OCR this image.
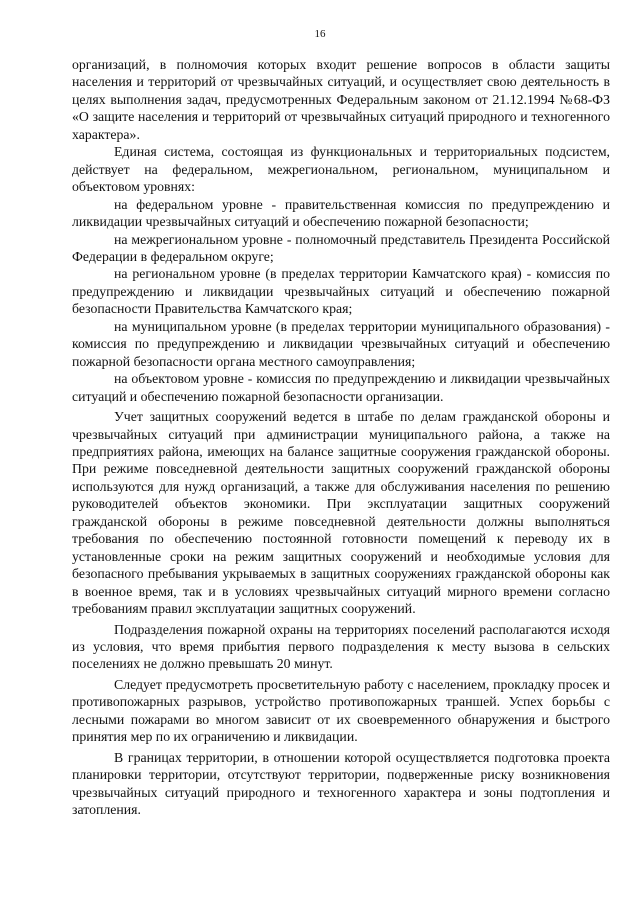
16

организаций, в полномочия которых входит решение вопросов в области защиты населения и территорий от чрезвычайных ситуаций, и осуществляет свою деятельность в целях выполнения задач, предусмотренных Федеральным законом от 21.12.1994 №68-ФЗ «О защите населения и территорий от чрезвычайных ситуаций природного и техногенного характера».

Единая система, состоящая из функциональных и территориальных подсистем, действует на федеральном, межрегиональном, региональном, муниципальном и объектовом уровнях:

на федеральном уровне - правительственная комиссия по предупреждению и ликвидации чрезвычайных ситуаций и обеспечению пожарной безопасности;

на межрегиональном уровне - полномочный представитель Президента Российской Федерации в федеральном округе;

на региональном уровне (в пределах территории Камчатского края) - комиссия по предупреждению и ликвидации чрезвычайных ситуаций и обеспечению пожарной безопасности Правительства Камчатского края;

на муниципальном уровне (в пределах территории муниципального образования) - комиссия по предупреждению и ликвидации чрезвычайных ситуаций и обеспечению пожарной безопасности органа местного самоуправления;

на объектовом уровне - комиссия по предупреждению и ликвидации чрезвычайных ситуаций и обеспечению пожарной безопасности организации.

Учет защитных сооружений ведется в штабе по делам гражданской обороны и чрезвычайных ситуаций при администрации муниципального района, а также на предприятиях района, имеющих на балансе защитные сооружения гражданской обороны. При режиме повседневной деятельности защитных сооружений гражданской обороны используются для нужд организаций, а также для обслуживания населения по решению руководителей объектов экономики. При эксплуатации защитных сооружений гражданской обороны в режиме повседневной деятельности должны выполняться требования по обеспечению постоянной готовности помещений к переводу их в установленные сроки на режим защитных сооружений и необходимые условия для безопасного пребывания укрываемых в защитных сооружениях гражданской обороны как в военное время, так и в условиях чрезвычайных ситуаций мирного времени согласно требованиям правил эксплуатации защитных сооружений.

Подразделения пожарной охраны на территориях поселений располагаются исходя из условия, что время прибытия первого подразделения к месту вызова в сельских поселениях не должно превышать 20 минут.

Следует предусмотреть просветительную работу с населением, прокладку просек и противопожарных разрывов, устройство противопожарных траншей. Успех борьбы с лесными пожарами во многом зависит от их своевременного обнаружения и быстрого принятия мер по их ограничению и ликвидации.

В границах территории, в отношении которой осуществляется подготовка проекта планировки территории, отсутствуют территории, подверженные риску возникновения чрезвычайных ситуаций природного и техногенного характера и зоны подтопления и затопления.
